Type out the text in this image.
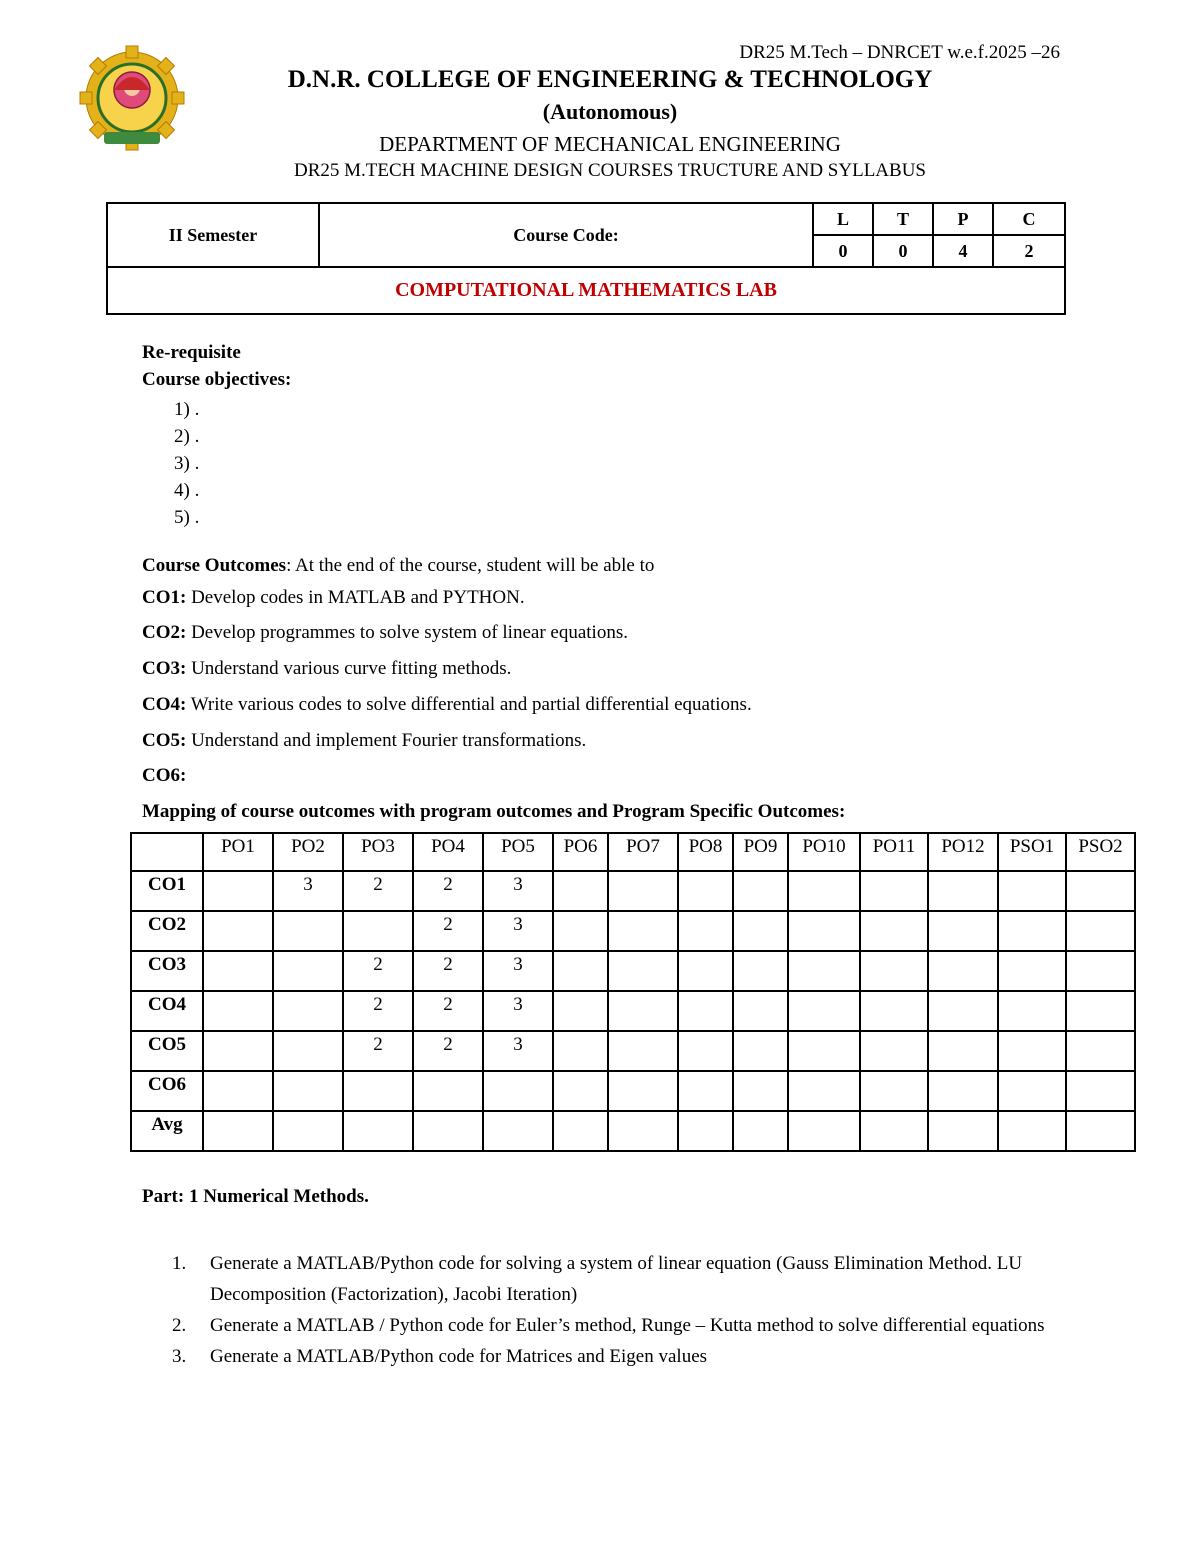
DR25 M.Tech – DNRCET w.e.f.2025 –26
D.N.R. COLLEGE OF ENGINEERING & TECHNOLOGY
(Autonomous)
DEPARTMENT OF MECHANICAL ENGINEERING
DR25 M.TECH MACHINE DESIGN COURSES TRUCTURE AND SYLLABUS
II Semester	Course Code:	L	T	P	C
		0	0	4	2
COMPUTATIONAL MATHEMATICS LAB					
Re-requisite
Course objectives:
1) .
2) .
3) .
4) .
5) .
Course Outcomes: At the end of the course, student will be able to
CO1: Develop codes in MATLAB and PYTHON.
CO2: Develop programmes to solve system of linear equations.
CO3: Understand various curve fitting methods.
CO4: Write various codes to solve differential and partial differential equations.
CO5: Understand and implement Fourier transformations.
CO6:
Mapping of course outcomes with program outcomes and Program Specific Outcomes:
	PO1	PO2	PO3	PO4	PO5	PO6	PO7	PO8	PO9	PO10	PO11	PO12	PSO1	PSO2
CO1		3	2	2	3									
CO2				2	3									
CO3			2	2	3									
CO4			2	2	3									
CO5			2	2	3									
CO6														
Avg														
Part: 1 Numerical Methods.
1. Generate a MATLAB/Python code for solving a system of linear equation (Gauss Elimination Method. LU Decomposition (Factorization), Jacobi Iteration)
2. Generate a MATLAB / Python code for Euler’s method, Runge – Kutta method to solve differential equations
3. Generate a MATLAB/Python code for Matrices and Eigen values
